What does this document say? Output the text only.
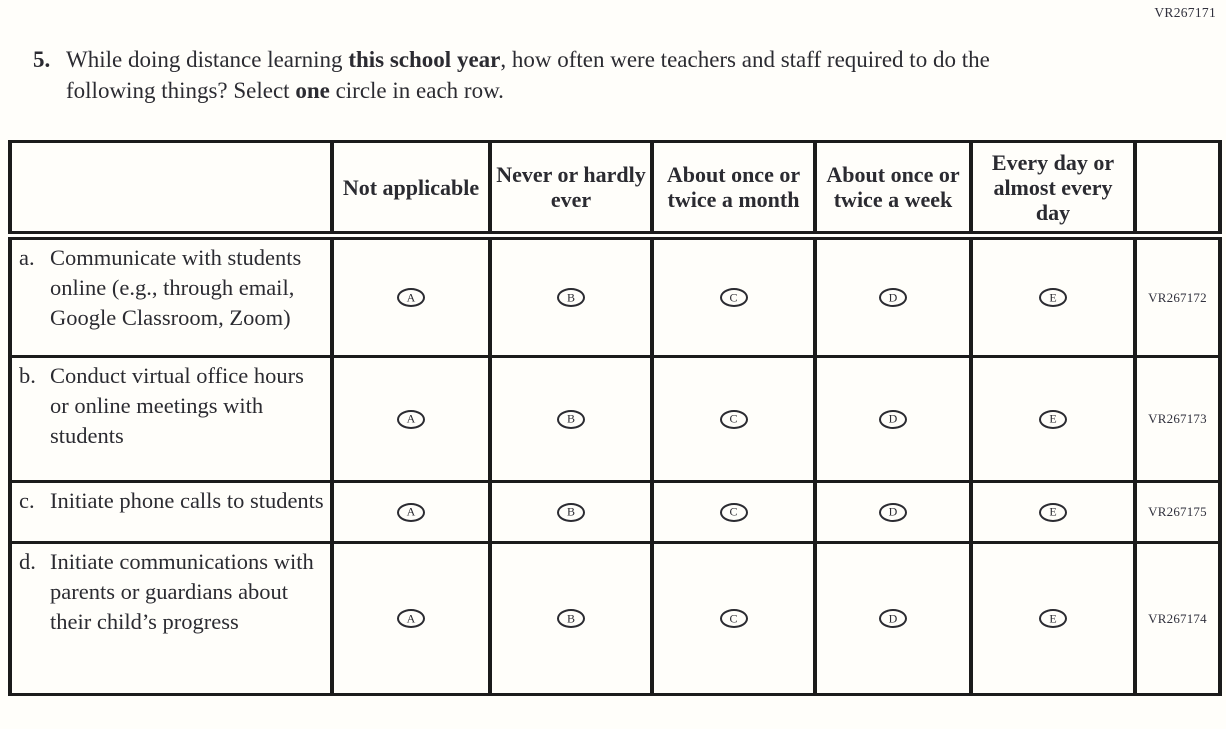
VR267171
5. While doing distance learning this school year, how often were teachers and staff required to do the following things? Select one circle in each row.
	Not applicable	Never or hardly ever	About once or twice a month	About once or twice a week	Every day or almost every day	

a. Communicate with students online (e.g., through email, Google Classroom, Zoom)	A	B	C	D	E	VR267172

b. Conduct virtual office hours or online meetings with students	A	B	C	D	E	VR267173

c. Initiate phone calls to students	A	B	C	D	E	VR267175

d. Initiate communications with parents or guardians about their child’s progress	A	B	C	D	E	VR267174
